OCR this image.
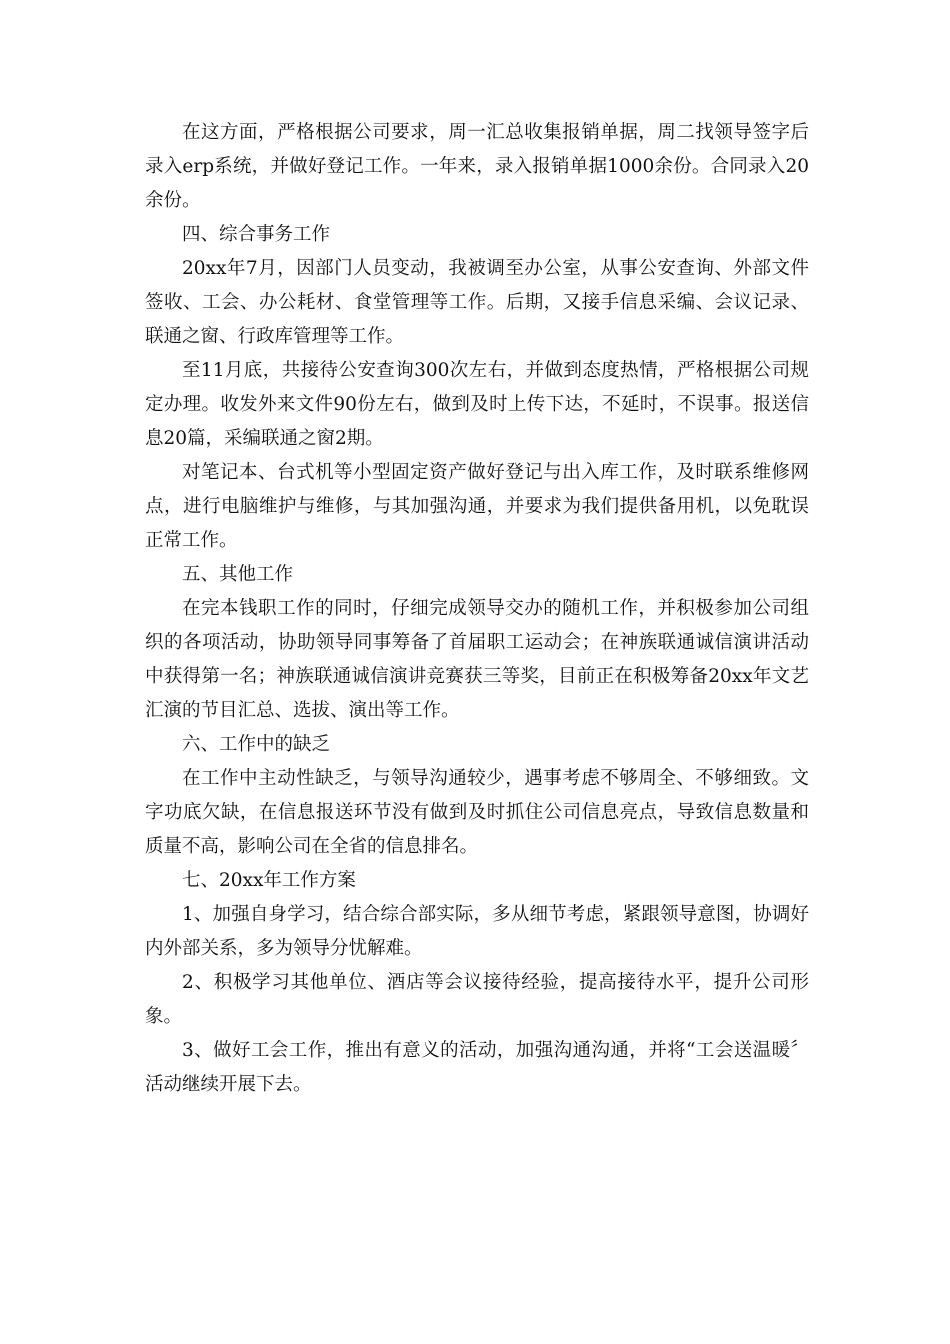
在这方面，严格根据公司要求，周一汇总收集报销单据，周二找领导签字后录入erp系统，并做好登记工作。一年来，录入报销单据1000余份。合同录入20余份。

四、综合事务工作

20xx年7月，因部门人员变动，我被调至办公室，从事公安查询、外部文件签收、工会、办公耗材、食堂管理等工作。后期，又接手信息采编、会议记录、联通之窗、行政库管理等工作。

至11月底，共接待公安查询300次左右，并做到态度热情，严格根据公司规定办理。收发外来文件90份左右，做到及时上传下达，不延时，不误事。报送信息20篇，采编联通之窗2期。

对笔记本、台式机等小型固定资产做好登记与出入库工作，及时联系维修网点，进行电脑维护与维修，与其加强沟通，并要求为我们提供备用机，以免耽误正常工作。

五、其他工作

在完本钱职工作的同时，仔细完成领导交办的随机工作，并积极参加公司组织的各项活动，协助领导同事筹备了首届职工运动会；在神族联通诚信演讲活动中获得第一名；神族联通诚信演讲竞赛获三等奖，目前正在积极筹备20xx年文艺汇演的节目汇总、选拔、演出等工作。

六、工作中的缺乏

在工作中主动性缺乏，与领导沟通较少，遇事考虑不够周全、不够细致。文字功底欠缺，在信息报送环节没有做到及时抓住公司信息亮点，导致信息数量和质量不高，影响公司在全省的信息排名。

七、20xx年工作方案

1、加强自身学习，结合综合部实际，多从细节考虑，紧跟领导意图，协调好内外部关系，多为领导分忧解难。

2、积极学习其他单位、酒店等会议接待经验，提高接待水平，提升公司形象。

3、做好工会工作，推出有意义的活动，加强沟通沟通，并将“工会送温暖〞活动继续开展下去。
